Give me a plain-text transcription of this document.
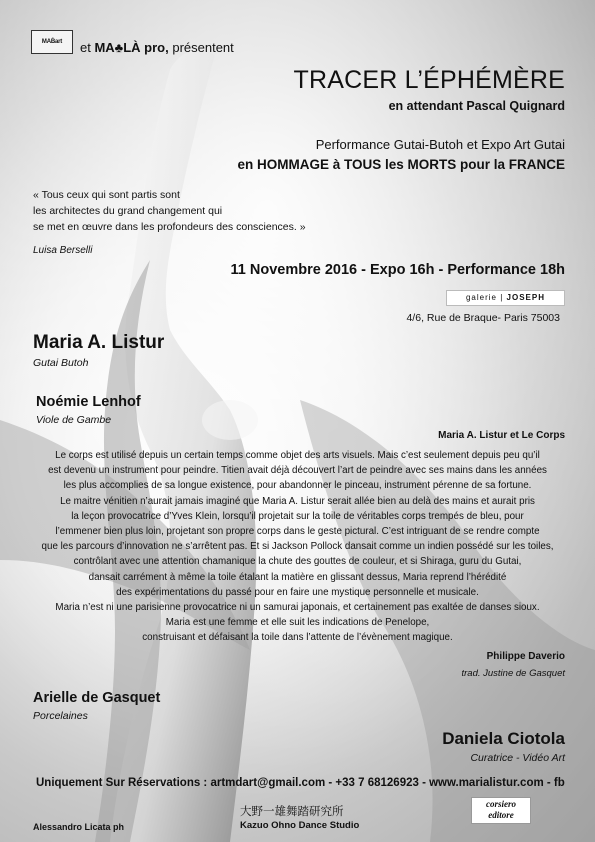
MAḂart	et MA♣LÀ pro, présentent
TRACER L’ÉPHÉMÈRE
en attendant Pascal Quignard
Performance Gutai-Butoh et Expo Art Gutai
en HOMMAGE à TOUS les MORTS pour la FRANCE
« Tous ceux qui sont partis sont
les architectes du grand changement qui
se met en œuvre dans les profondeurs des consciences. »
Luisa Berselli
11 Novembre 2016 - Expo 16h - Performance 18h
galerie | JOSEPH
4/6, Rue de Braque- Paris 75003
Maria A. Listur
Gutai Butoh
Noémie Lenhof
Viole de Gambe
Maria A. Listur et Le Corps

Le corps est utilisé depuis un certain temps comme objet des arts visuels. Mais c’est seulement depuis peu qu’il

est devenu un instrument pour peindre. Titien avait déjà découvert l’art de peindre avec ses mains dans les années

les plus accomplies de sa longue existence, pour abandonner le pinceau, instrument pérenne de sa fortune.

Le maitre vénitien n’aurait jamais imaginé que Maria A. Listur serait allée bien au delà des mains et aurait pris

la leçon provocatrice d’Yves Klein, lorsqu’il projetait sur la toile de véritables corps trempés de bleu, pour

l’emmener bien plus loin, projetant son propre corps dans le geste pictural. C’est intriguant de se rendre compte

que les parcours d’innovation ne s’arrêtent pas. Et si Jackson Pollock dansait comme un indien possédé sur les toiles,

contrôlant avec une attention chamanique la chute des gouttes de couleur, et si Shiraga, guru du Gutai,

dansait carrément à même la toile étalant la matière en glissant dessus, Maria reprend l’hérédité

des expérimentations du passé pour en faire une mystique personnelle et musicale.

Maria n’est ni une parisienne provocatrice ni un samurai japonais, et certainement pas exaltée de danses sioux.

Maria est une femme et elle suit les indications de Penelope,

construisant et défaisant la toile dans l’attente de l’évènement magique.

Philippe Daverio
trad. Justine de Gasquet
Arielle de Gasquet
Porcelaines
Daniela Ciotola
Curatrice - Vidéo Art
Uniquement Sur Réservations : artmdart@gmail.com - +33 7 68126923 - www.marialistur.com - fb
大野一雄舞踏研究所
Kazuo Ohno Dance Studio
Alessandro Licata ph
corsiero
editore
